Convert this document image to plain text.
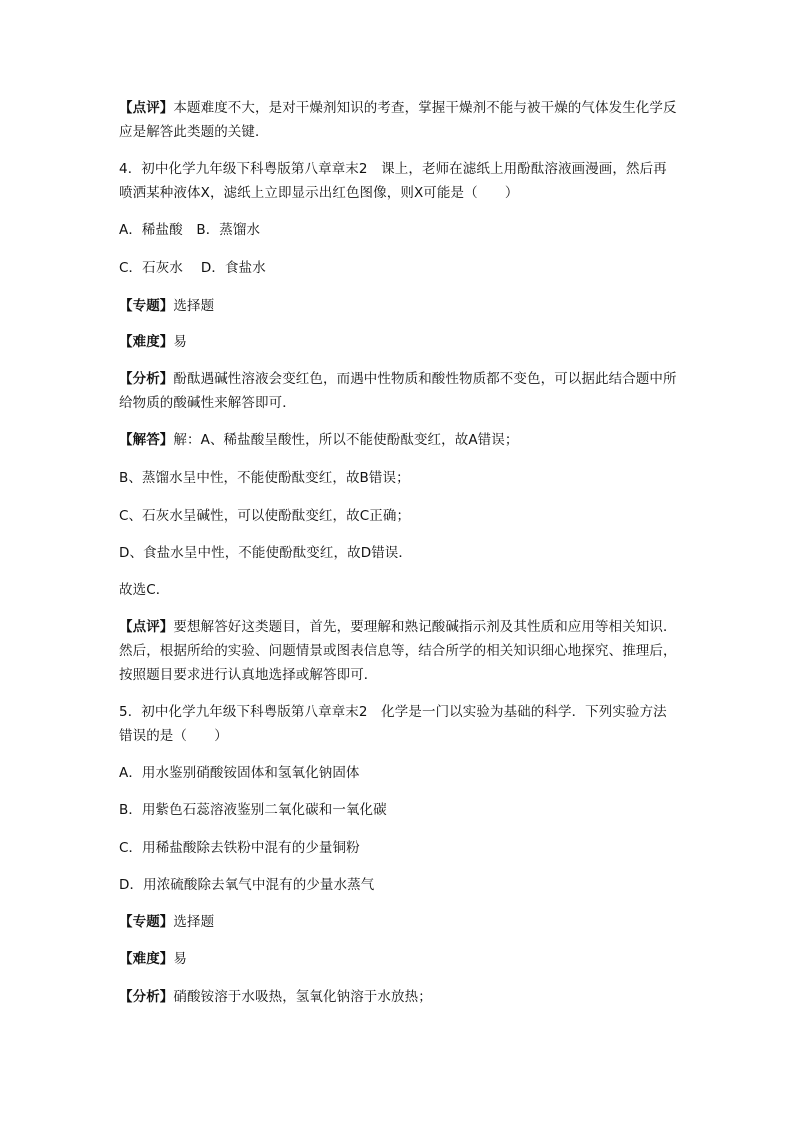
【点评】本题难度不大，是对干燥剂知识的考查，掌握干燥剂不能与被干燥的气体发生化学反应是解答此类题的关键．
4．初中化学九年级下科粤版第八章章末2　课上，老师在滤纸上用酚酞溶液画漫画，然后再喷洒某种液体X，滤纸上立即显示出红色图像，则X可能是（　　）
A．稀盐酸　B．蒸馏水
C．石灰水　 D．食盐水
【专题】选择题
【难度】易
【分析】酚酞遇碱性溶液会变红色，而遇中性物质和酸性物质都不变色，可以据此结合题中所给物质的酸碱性来解答即可．
【解答】解：A、稀盐酸呈酸性，所以不能使酚酞变红，故A错误；
B、蒸馏水呈中性，不能使酚酞变红，故B错误；
C、石灰水呈碱性，可以使酚酞变红，故C正确；
D、食盐水呈中性，不能使酚酞变红，故D错误．
故选C．
【点评】要想解答好这类题目，首先，要理解和熟记酸碱指示剂及其性质和应用等相关知识．然后，根据所给的实验、问题情景或图表信息等，结合所学的相关知识细心地探究、推理后，按照题目要求进行认真地选择或解答即可．
5．初中化学九年级下科粤版第八章章末2　化学是一门以实验为基础的科学．下列实验方法错误的是（　　）
A．用水鉴别硝酸铵固体和氢氧化钠固体
B．用紫色石蕊溶液鉴别二氧化碳和一氧化碳
C．用稀盐酸除去铁粉中混有的少量铜粉
D．用浓硫酸除去氧气中混有的少量水蒸气
【专题】选择题
【难度】易
【分析】硝酸铵溶于水吸热，氢氧化钠溶于水放热；
